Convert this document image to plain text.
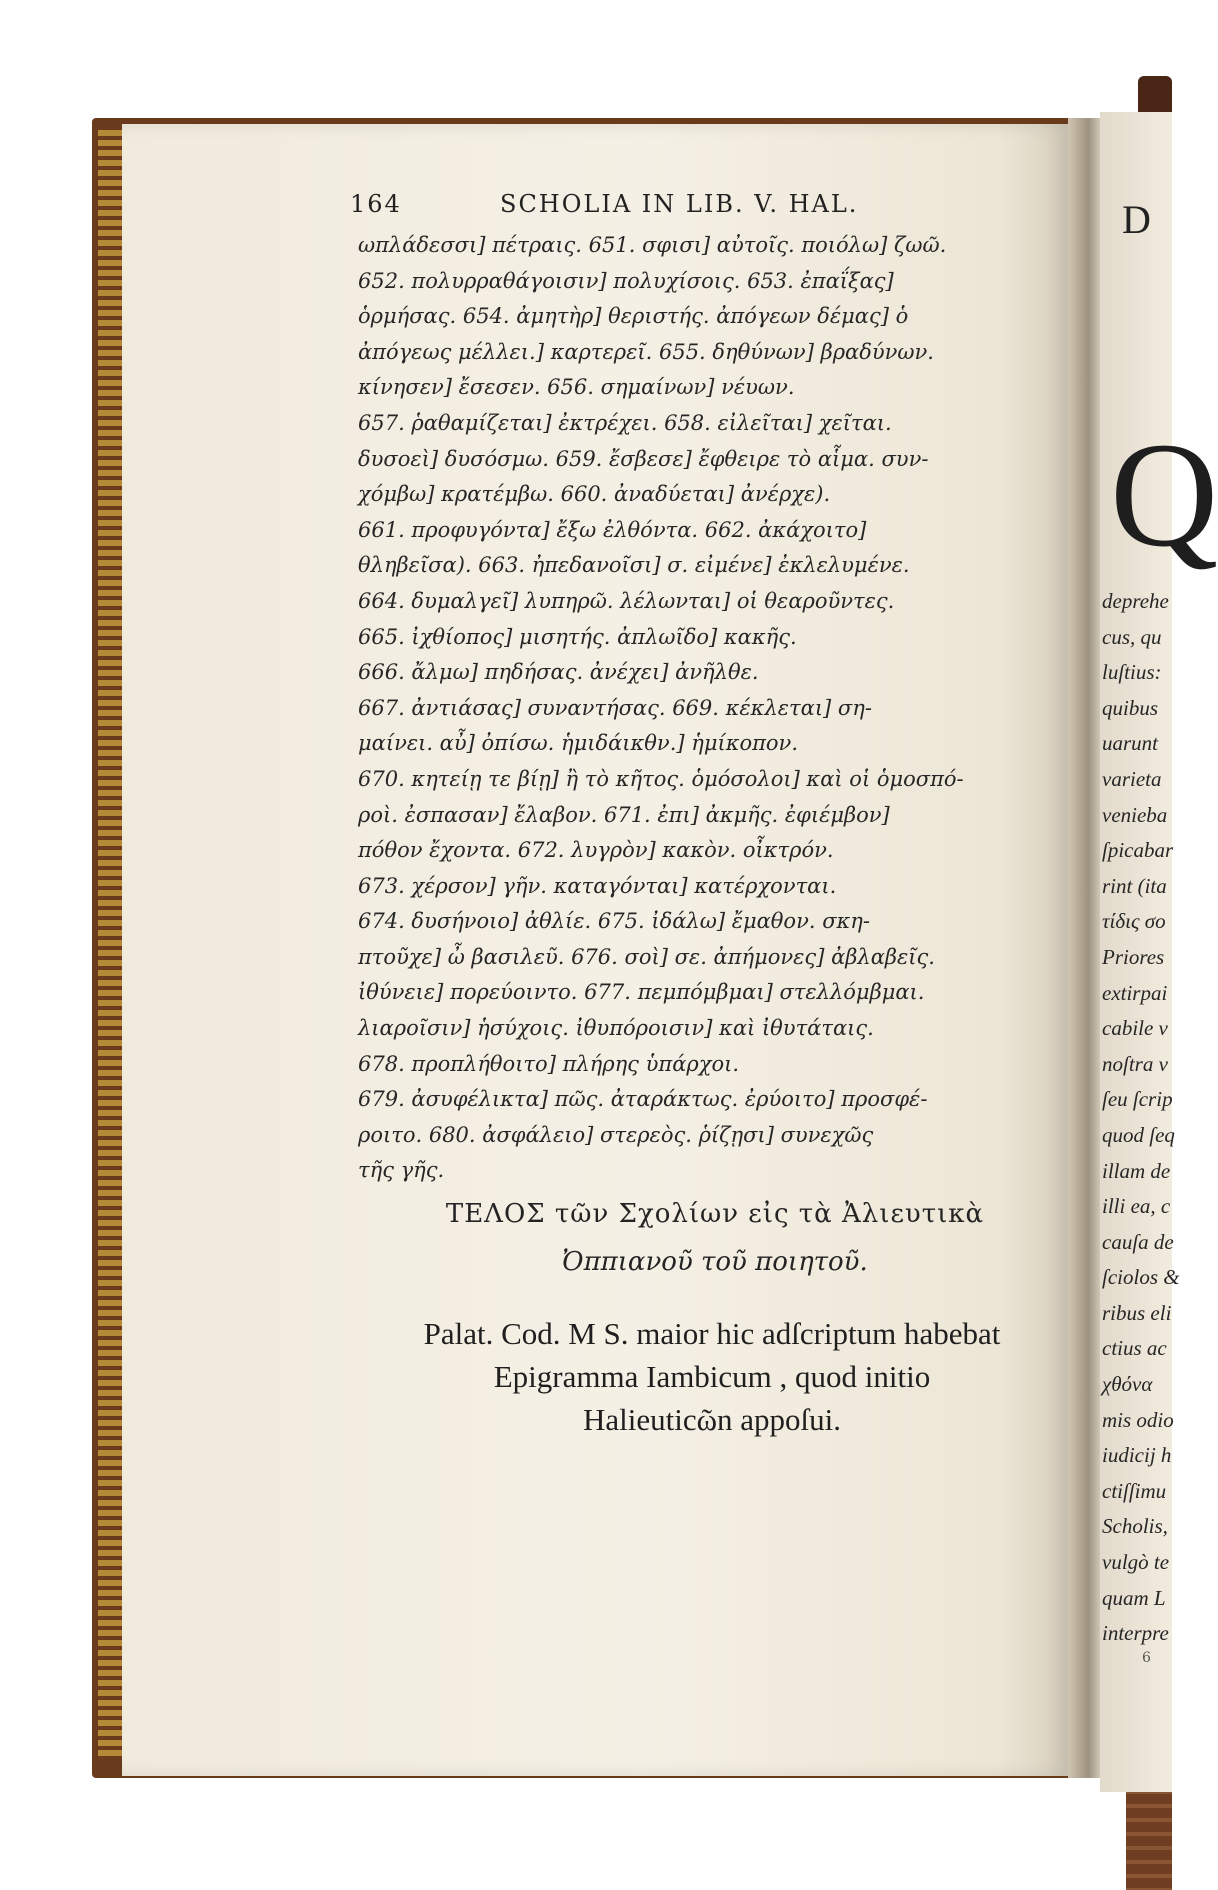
164	SCHOLIA IN LIB. V. HAL.
ωπλάδεσσι] πέτραις. 651. σφισι] αὐτοῖς. ποιόλω] ζωῶ.
652. πολυρραθάγοισιν] πολυχίσοις. 653. ἐπαΐξας]
ὁρμήσας. 654. ἀμητὴρ] θεριστής. ἀπόγεων δέμας] ὁ
ἀπόγεως μέλλει.] καρτερεῖ. 655. δηθύνων] βραδύνων.
κίνησεν] ἔσεσεν. 656. σημαίνων] νέυων.
657. ῥαθαμίζεται] ἐκτρέχει. 658. εἰλεῖται] χεῖται.
δυσοεὶ] δυσόσμω. 659. ἔσβεσε] ἔφθειρε τὸ αἷμα. συν-
χόμβω] κρατέμβω. 660. ἀναδύεται] ἀνέρχε).
661. προφυγόντα] ἔξω ἐλθόντα. 662. ἀκάχοιτο]
θληβεῖσα). 663. ἠπεδανοῖσι] σ. εἰμένε] ἐκλελυμένε.
664. δυμαλγεῖ] λυπηρῶ. λέλωνται] οἱ θεαροῦντες.
665. ἰχθίοπος] μισητής. ἀπλωῖδο] κακῆς.
666. ἄλμω] πηδήσας. ἀνέχει] ἀνῆλθε.
667. ἀντιάσας] συναντήσας. 669. κέκλεται] ση-
μαίνει. αὖ] ὀπίσω. ἡμιδάικθν.] ἡμίκοπον.
670. κητείῃ τε βίῃ] ἢ τὸ κῆτος. ὁμόσολοι] καὶ οἱ ὁμοσπό-
ροὶ. ἐσπασαν] ἔλαβον. 671. ἐπι] ἀκμῆς. ἐφιέμβον]
πόθον ἔχοντα. 672. λυγρὸν] κακὸν. οἶκτρόν.
673. χέρσον] γῆν. καταγόνται] κατέρχονται.
674. δυσήνοιο] ἀθλίε. 675. ἰδάλω] ἔμαθον. σκη-
πτοῦχε] ὦ βασιλεῦ. 676. σοὶ] σε. ἀπήμονες] ἀβλαβεῖς.
ἰθύνειε] πορεύοιντο. 677. πεμπόμβμαι] στελλόμβμαι.
λιαροῖσιν] ἡσύχοις. ἰθυπόροισιν] καὶ ἰθυτάταις.
678. προπλήθοιτο] πλήρης ὑπάρχοι.
679. ἀσυφέλικτα] πῶς. ἀταράκτως. ἐρύοιτο] προσφέ-
ροιτο. 680. ἀσφάλειο] στερεὸς. ῥίζῃσι] συνεχῶς
τῆς γῆς.
ΤΕΛΟΣ τῶν Σχολίων εἰς τὰ Ἀλιευτικὰ
Ὀππιανοῦ τοῦ ποιητοῦ.
Palat. Cod. M S. maior hic adſcriptum habebat
Epigramma Iambicum , quod initio
Halieuticῶn appoſui.
D
Q
deprehe
cus, qu
luſtius:
quibus
uarunt
varieta
venieba
ſpicabar
rint (ita
τίδις σο
Priores
extirpai
cabile v
noſtra v
ſeu ſcrip
quod ſeq
illam de
illi ea, c
cauſa de
ſciolos &
ribus eli
ctius ac
χθόνα
mis odio
iudicij h
ctiſſimu
Scholis,
vulgò te
quam L
interpre
6
